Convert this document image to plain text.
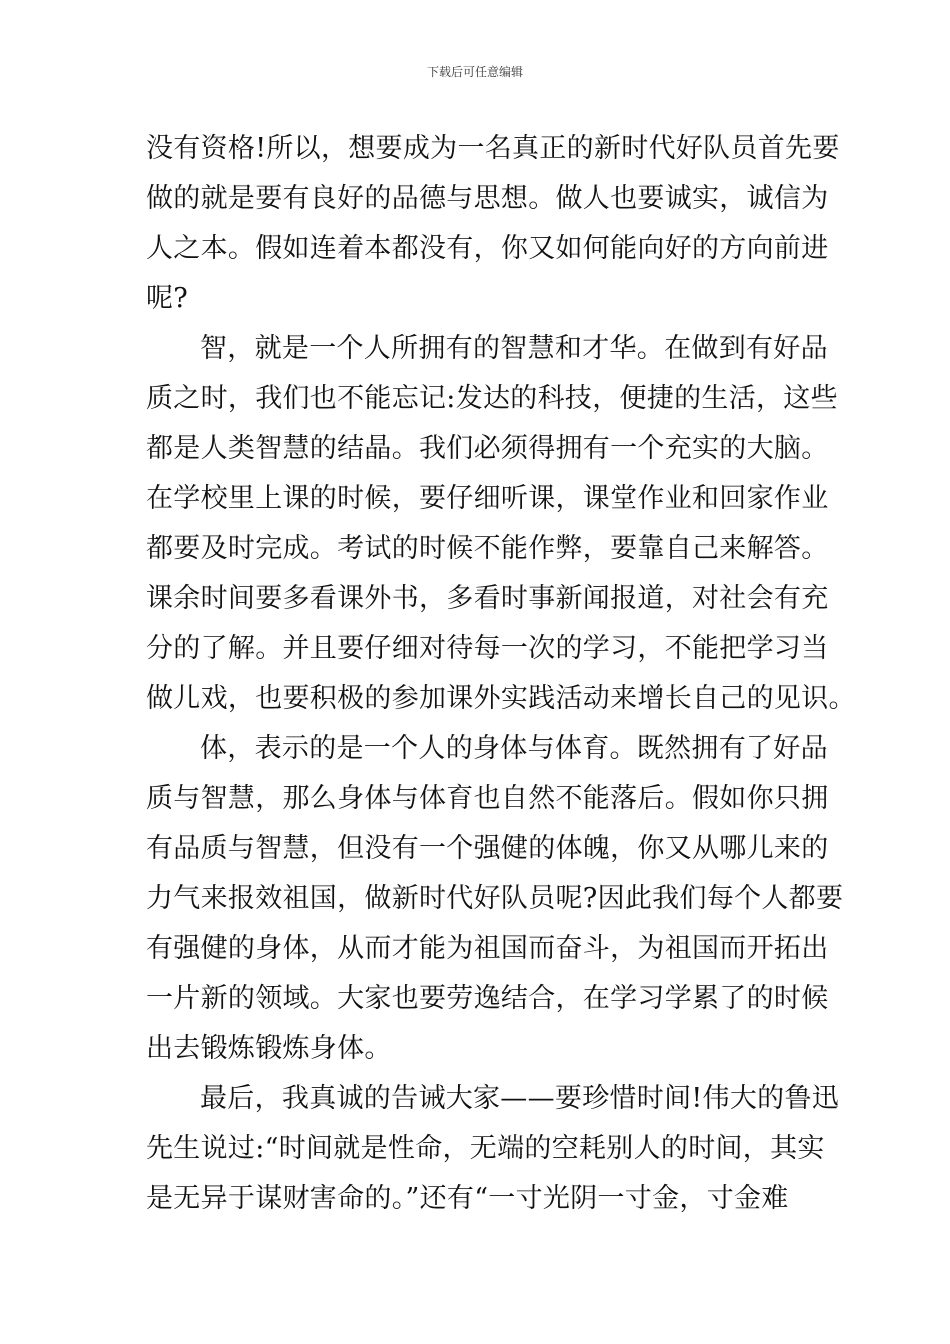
下载后可任意编辑
没有资格!所以，想要成为一名真正的新时代好队员首先要
做的就是要有良好的品德与思想。做人也要诚实，诚信为
人之本。假如连着本都没有，你又如何能向好的方向前进
呢?
智，就是一个人所拥有的智慧和才华。在做到有好品
质之时，我们也不能忘记:发达的科技，便捷的生活，这些
都是人类智慧的结晶。我们必须得拥有一个充实的大脑。
在学校里上课的时候，要仔细听课，课堂作业和回家作业
都要及时完成。考试的时候不能作弊，要靠自己来解答。
课余时间要多看课外书，多看时事新闻报道，对社会有充
分的了解。并且要仔细对待每一次的学习，不能把学习当
做儿戏，也要积极的参加课外实践活动来增长自己的见识。
体，表示的是一个人的身体与体育。既然拥有了好品
质与智慧，那么身体与体育也自然不能落后。假如你只拥
有品质与智慧，但没有一个强健的体魄，你又从哪儿来的
力气来报效祖国，做新时代好队员呢?因此我们每个人都要
有强健的身体，从而才能为祖国而奋斗，为祖国而开拓出
一片新的领域。大家也要劳逸结合，在学习学累了的时候
出去锻炼锻炼身体。
最后，我真诚的告诫大家——要珍惜时间!伟大的鲁迅
先生说过:“时间就是性命，无端的空耗别人的时间，其实
是无异于谋财害命的。”还有“一寸光阴一寸金，寸金难
